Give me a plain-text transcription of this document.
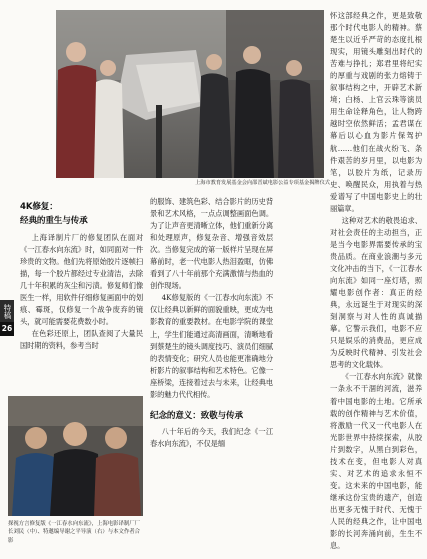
上海市教育发展基金会向邵晋斌电影公益专项基金揭牌仪式

怀这部经典之作，更是致敬那个时代电影人的精神。蔡楚生以近乎严苛的态度扎根现实，用镜头雕刻出时代的苦难与挣扎；郑君里将纪实的厚重与戏剧的张力熔铸于叙事结构之中，开辟艺术新境；白杨、上官云珠等演员用生命诠释角色，让人物跨越时空依然鲜活；孟君谋在幕后以心血为影片保驾护航……他们在战火纷飞、条件艰苦的岁月里，以电影为笔，以胶片为纸，记录历史、唤醒民众，用执着与热爱谱写了中国电影史上的壮丽篇章。

这种对艺术的敬畏追求、对社会责任的主动担当，正是当今电影界需要传承的宝贵品质。在商业浪潮与多元文化冲击的当下，《一江春水向东流》如同一座灯塔，照耀电影创作者：真正的经典，永远诞生于对现实的深刻洞察与对人性的真诚描摹。它警示我们，电影不应只是娱乐的消费品，更应成为反映时代精神、引发社会思考的文化载体。

《一江春水向东流》就像一条永不干涸的河流，滋养着中国电影的土地。它所承载的创作精神与艺术价值，将激励一代又一代电影人在光影世界中持续探索，从胶片到数字，从黑白到彩色，技术在变，但电影人对真实、对艺术的追求永恒不变。这未来的中国电影，能继承这份宝贵的遗产，创造出更多无愧于时代、无愧于人民的经典之作，让中国电影的长河奔涌向前，生生不息。

4K修复：
经典的重生与传承

上海译制片厂的修复团队在面对《一江春水向东流》时，如同面对一件珍贵的文物。他们先将原始胶片逐帧扫描，每一个胶片都经过专业清洁，去除几十年积累的灰尘和污渍。修复师们像医生一样，用软件仔细修复画面中的划痕、霉斑，仅修复一个战争废弃的镜头，就可能需要花费数小时。

在色彩还原上，团队查阅了大量民国时期的资料，参考当时

的服饰、建筑色彩、结合影片的历史背景和艺术风格，一点点调整画面色调。为了让声音更清晰立体，他们重新分离和处理原声，修复杂音、增强音效层次。当修复完成的第一版样片呈现在屏幕前时，老一代电影人热泪盈眶，仿佛看到了八十年前那个充满激情与热血的创作现场。

4K修复版的《一江春水向东流》不仅让经典以新鲜的面貌重映，更成为电影教育的重要教材。在电影学院的课堂上，学生们能通过高清画面，清晰地看到蔡楚生的镜头调度技巧、演员们细腻的表情变化；研究人员也能更准确地分析影片的叙事结构和艺术特色。它像一座桥梁，连接着过去与未来，让经典电影的魅力代代相传。

纪念的意义：致敬与传承

八十年后的今天，我们纪念《一江春水向东流》，不仅是缅

探视方言修复版《一江春水向东流》，上海电影译制厂厂长刘民（中）、特邀编导谢之平导演（右）与本文作者合影
特稿
26
